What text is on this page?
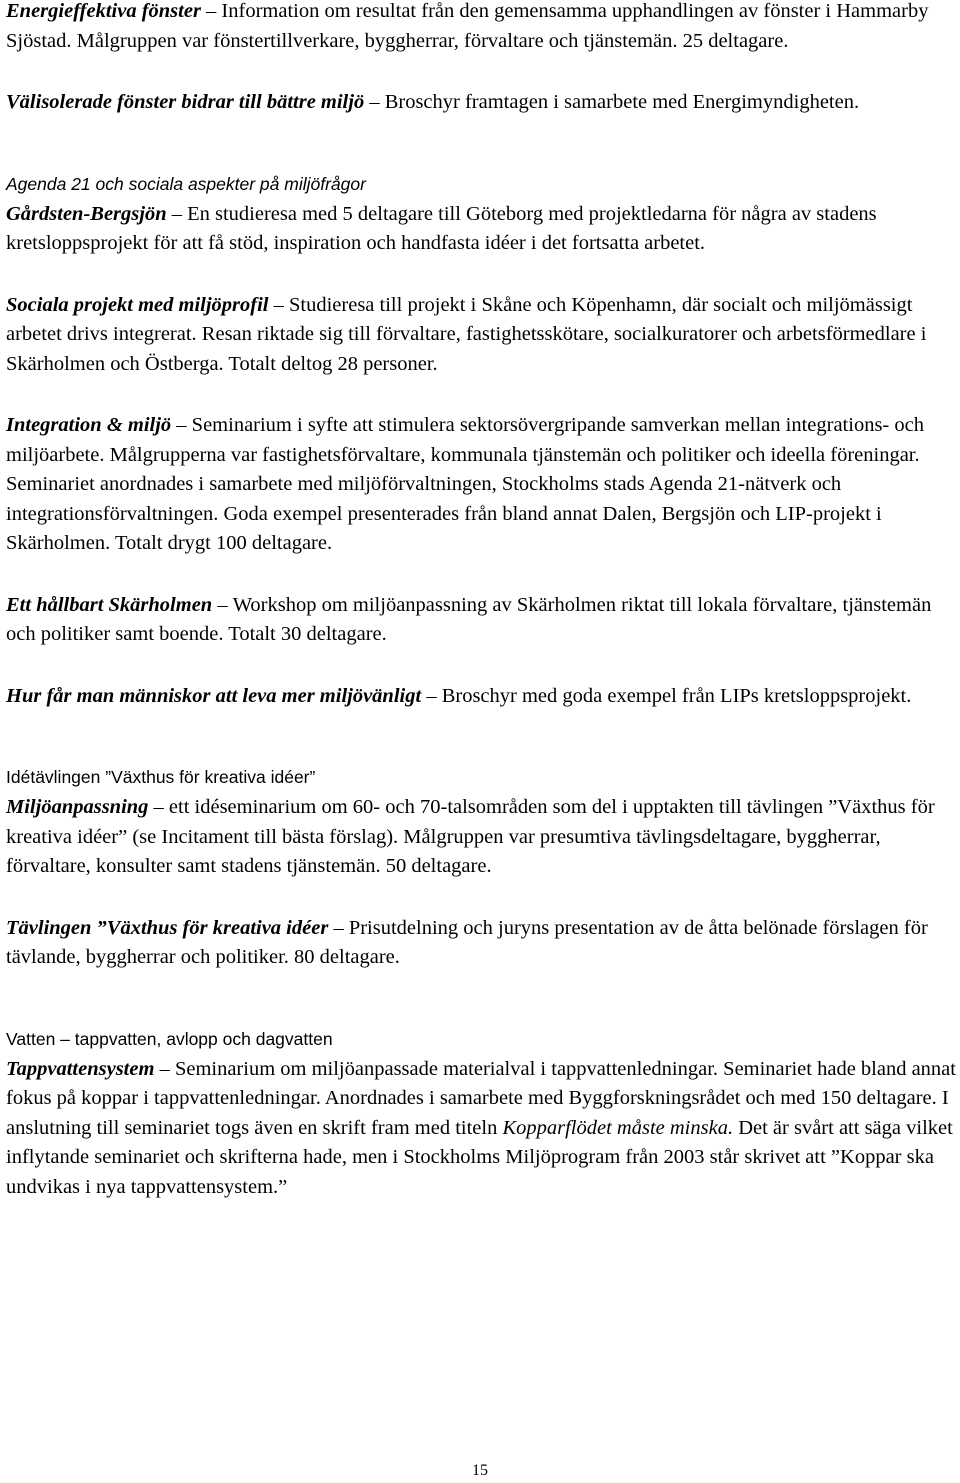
Energieffektiva fönster – Information om resultat från den gemensamma upphandlingen av fönster i Hammarby Sjöstad. Målgruppen var fönstertillverkare, byggherrar, förvaltare och tjänstemän. 25 deltagare.

Välisolerade fönster bidrar till bättre miljö – Broschyr framtagen i samarbete med Energimyndigheten.

Agenda 21 och sociala aspekter på miljöfrågor

Gårdsten-Bergsjön – En studieresa med 5 deltagare till Göteborg med projektledarna för några av stadens kretsloppsprojekt för att få stöd, inspiration och handfasta idéer i det fortsatta arbetet.

Sociala projekt med miljöprofil – Studieresa till projekt i Skåne och Köpenhamn, där socialt och miljömässigt arbetet drivs integrerat. Resan riktade sig till förvaltare, fastighetsskötare, socialkuratorer och arbetsförmedlare i Skärholmen och Östberga. Totalt deltog 28 personer.

Integration & miljö – Seminarium i syfte att stimulera sektorsövergripande samverkan mellan integrations- och miljöarbete. Målgrupperna var fastighetsförvaltare, kommunala tjänstemän och politiker och ideella föreningar. Seminariet anordnades i samarbete med miljöförvaltningen, Stockholms stads Agenda 21-nätverk och integrationsförvaltningen. Goda exempel presenterades från bland annat Dalen, Bergsjön och LIP-projekt i Skärholmen. Totalt drygt 100 deltagare.

Ett hållbart Skärholmen – Workshop om miljöanpassning av Skärholmen riktat till lokala förvaltare, tjänstemän och politiker samt boende. Totalt 30 deltagare.

Hur får man människor att leva mer miljövänligt – Broschyr med goda exempel från LIPs kretsloppsprojekt.

Idétävlingen ”Växthus för kreativa idéer”

Miljöanpassning – ett idéseminarium om 60- och 70-talsområden som del i upptakten till tävlingen ”Växthus för kreativa idéer” (se Incitament till bästa förslag). Målgruppen var presumtiva tävlingsdeltagare, byggherrar, förvaltare, konsulter samt stadens tjänstemän. 50 deltagare.

Tävlingen ”Växthus för kreativa idéer – Prisutdelning och juryns presentation av de åtta belönade förslagen för tävlande, byggherrar och politiker. 80 deltagare.

Vatten – tappvatten, avlopp och dagvatten

Tappvattensystem – Seminarium om miljöanpassade materialval i tappvattenledningar. Seminariet hade bland annat fokus på koppar i tappvattenledningar. Anordnades i samarbete med Byggforskningsrådet och med 150 deltagare. I anslutning till seminariet togs även en skrift fram med titeln Kopparflödet måste minska. Det är svårt att säga vilket inflytande seminariet och skrifterna hade, men i Stockholms Miljöprogram från 2003 står skrivet att ”Koppar ska undvikas i nya tappvattensystem.”

15
